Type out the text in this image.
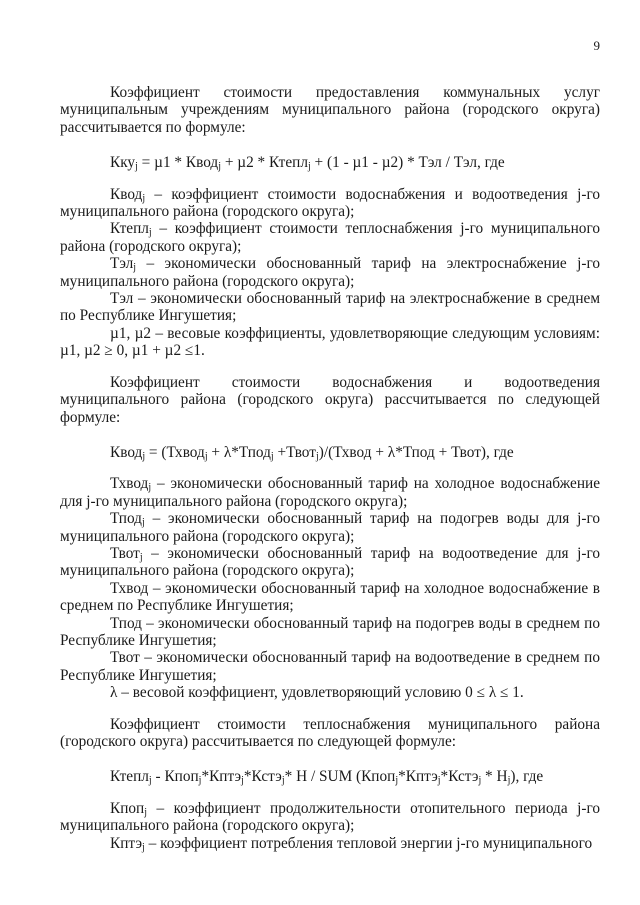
9

Коэффициент стоимости предоставления коммунальных услуг муниципальным учреждениям муниципального района (городского округа) рассчитывается по формуле:

Кку$_j$ = µ1 * Квод$_j$ + µ2 * Ктепл$_j$ + (1 - µ1 - µ2) * Тэл / Тэл, где

Квод$_j$ – коэффициент стоимости водоснабжения и водоотведения j-го муниципального района (городского округа);

Ктепл$_j$ – коэффициент стоимости теплоснабжения j-го муниципального района (городского округа);

Тэл$_j$ – экономически обоснованный тариф на электроснабжение j-го муниципального района (городского округа);

Тэл – экономически обоснованный тариф на электроснабжение в среднем по Республике Ингушетия;

µ1, µ2 – весовые коэффициенты, удовлетворяющие следующим условиям: µ1, µ2 ≥ 0, µ1 + µ2 ≤1.

Коэффициент стоимости водоснабжения и водоотведения муниципального района (городского округа) рассчитывается по следующей формуле:

Квод$_j$ = (Тхвод$_j$ + λ*Тпод$_j$ +Твот$_j$)/(Тхвод + λ*Тпод + Твот), где

Тхвод$_j$ – экономически обоснованный тариф на холодное водоснабжение для j-го муниципального района (городского округа);

Тпод$_j$ – экономически обоснованный тариф на подогрев воды для j-го муниципального района (городского округа);

Твот$_j$ – экономически обоснованный тариф на водоотведение для j-го муниципального района (городского округа);

Тхвод – экономически обоснованный тариф на холодное водоснабжение в среднем по Республике Ингушетия;

Тпод – экономически обоснованный тариф на подогрев воды в среднем по Республике Ингушетия;

Твот – экономически обоснованный тариф на водоотведение в среднем по Республике Ингушетия;

λ – весовой коэффициент, удовлетворяющий условию 0 ≤ λ ≤ 1.

Коэффициент стоимости теплоснабжения муниципального района (городского округа) рассчитывается по следующей формуле:

Ктепл$_j$ - Кпоп$_j$*Кптэ$_j$*Кстэ$_j$* Н / SUM (Кпоп$_j$*Кптэ$_j$*Кстэ$_j$ * $Н_j$), где

Кпоп$_j$ – коэффициент продолжительности отопительного периода j-го муниципального района (городского округа);

Кптэ$_j$ – коэффициент потребления тепловой энергии j-го муниципального
